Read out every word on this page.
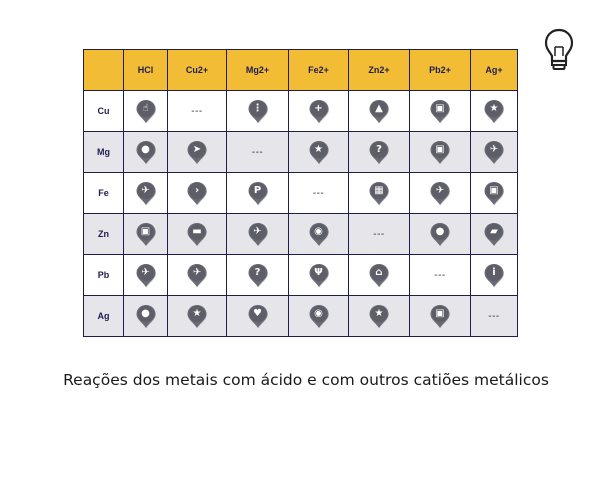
	HCl	Cu2+	Mg2+	Fe2+	Zn2+	Pb2+	Ag+
Cu	☝	---	⋮	+	▲	▣	★

Mg	●	➤	---	★	?	▣	✈

Fe	✈	›	P	---	▦	✈	▣

Zn	▣	▬	✈	◉	---	●	▰

Pb	✈	✈	?	Ψ	⌂	---	i

Ag	●	★	♥	◉	★	▣	---
Reações dos metais com ácido e com outros catiões metálicos
